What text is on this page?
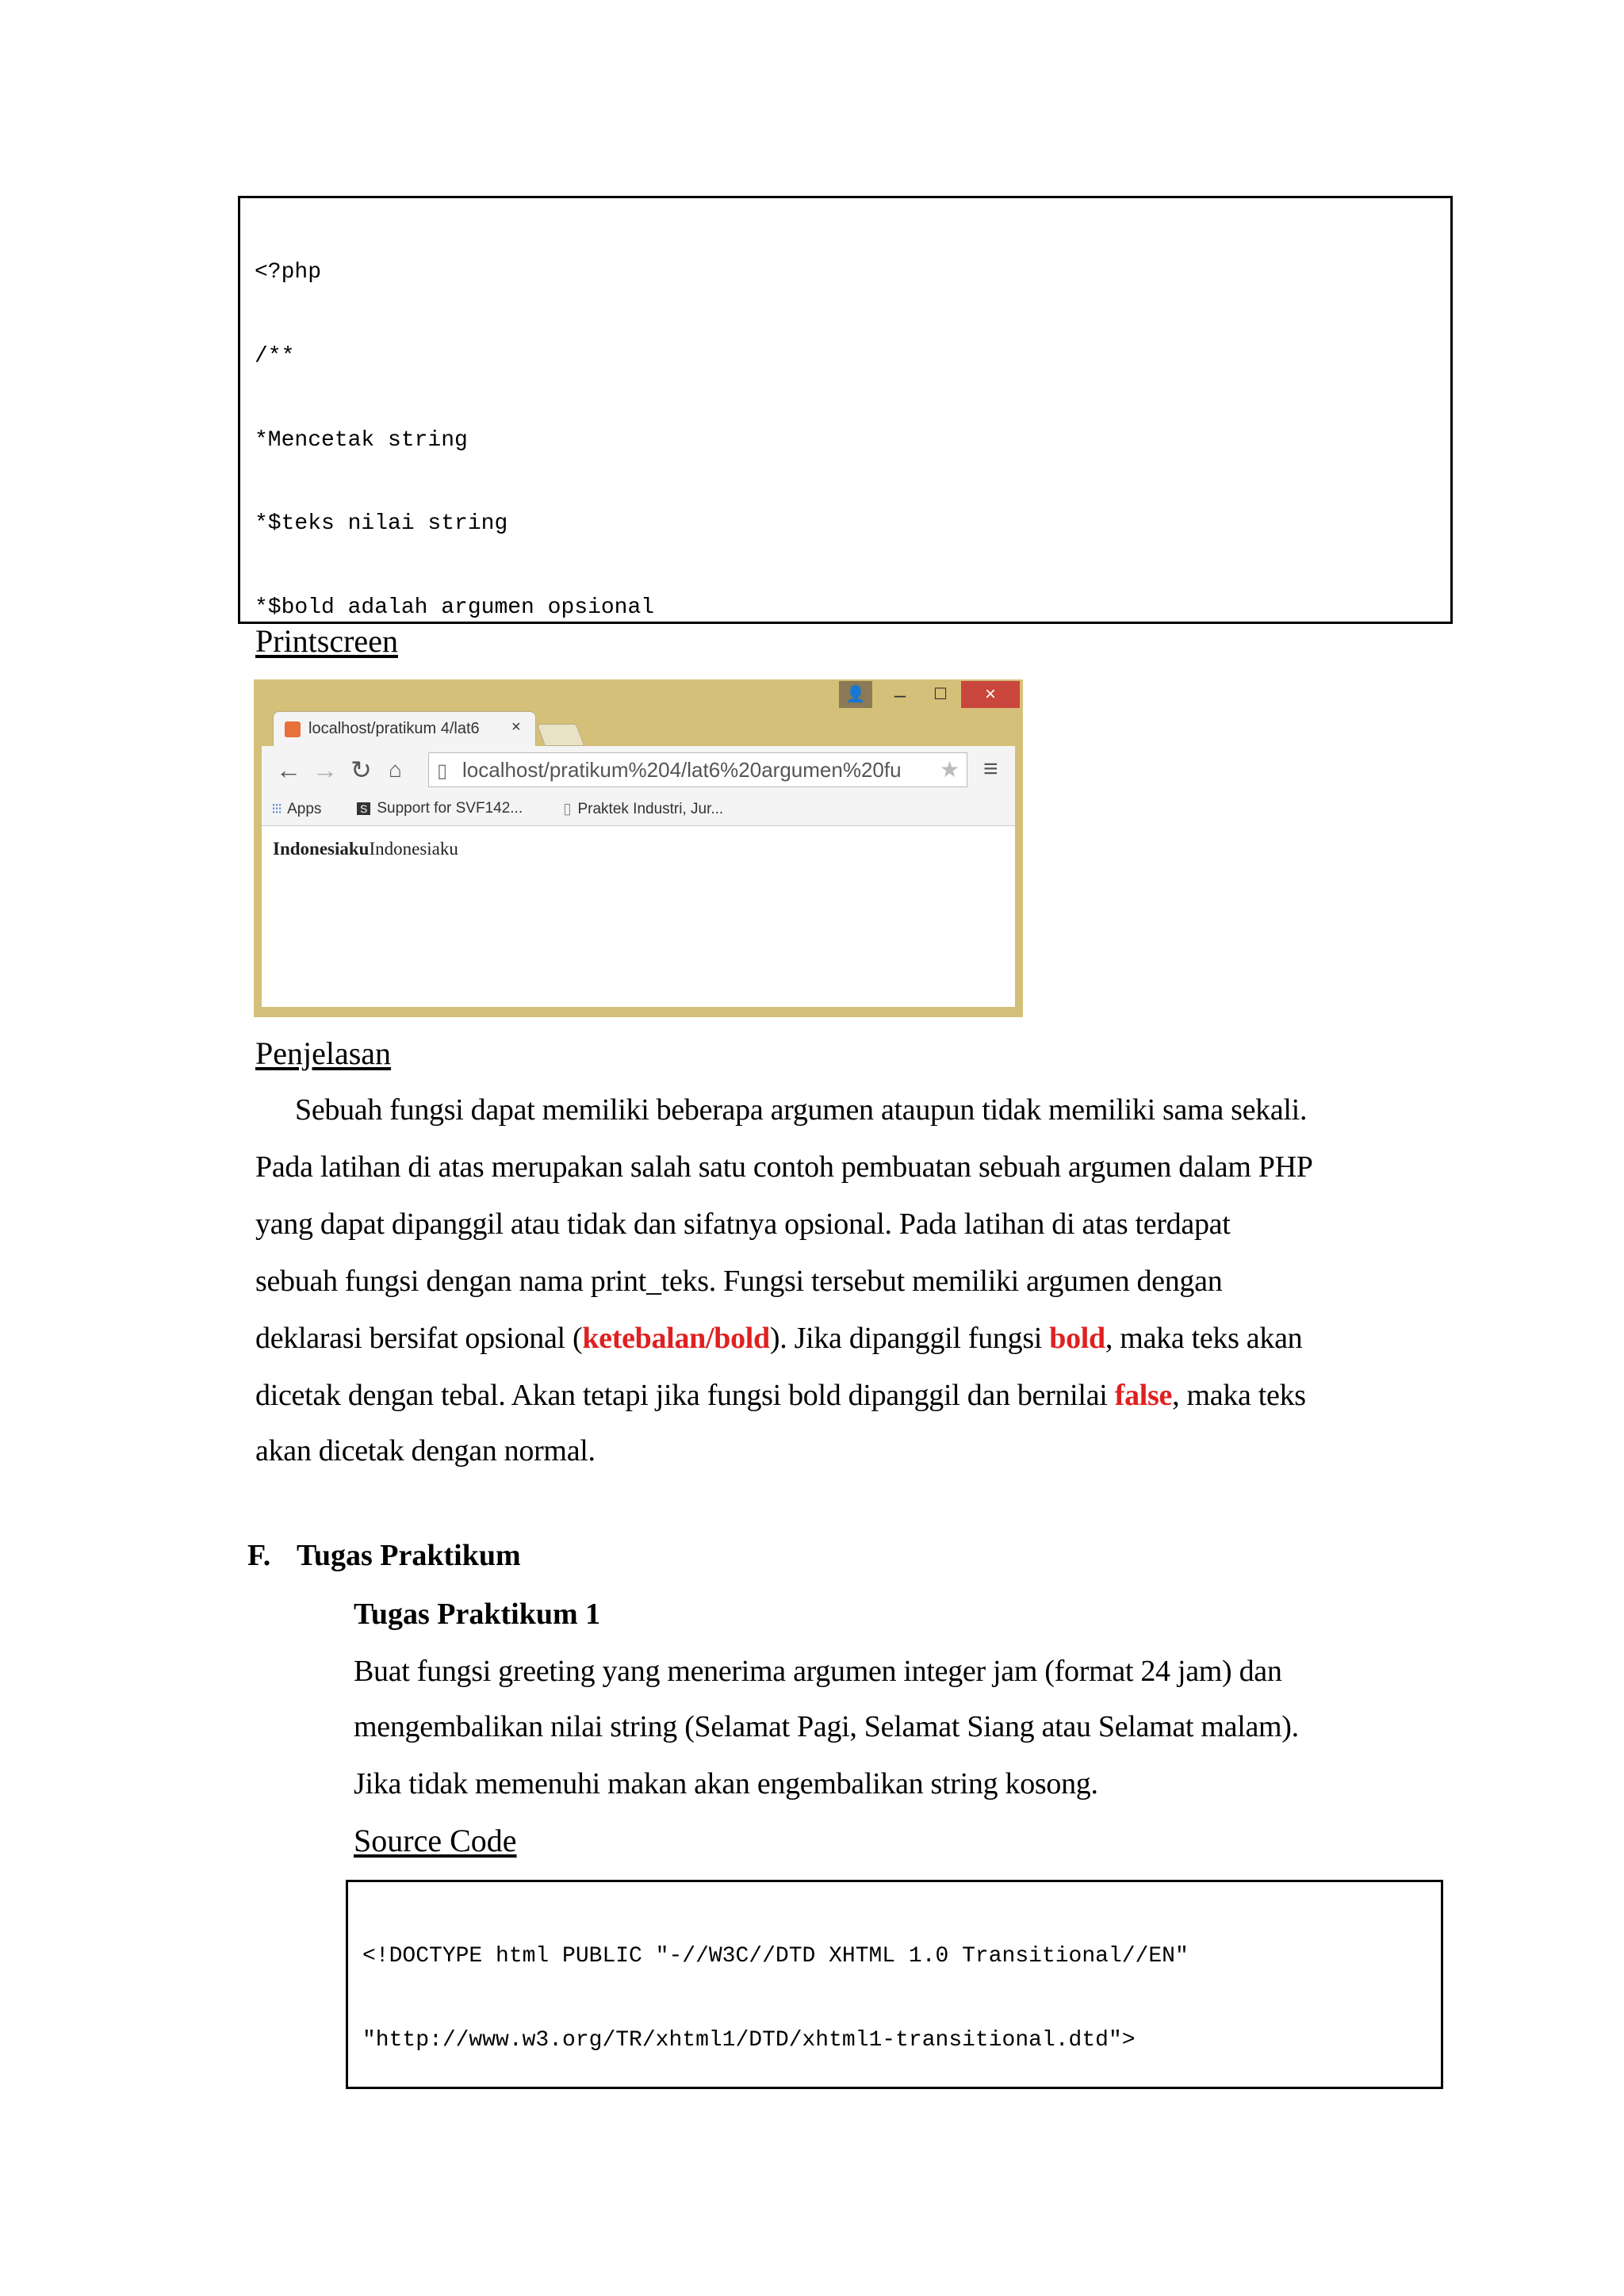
<?php

/**

*Mencetak string

*$teks nilai string

*$bold adalah argumen opsional

Printscreen
👤	–	☐	×
localhost/pratikum 4/lat6 ×
← → ↻ ⌂ ▯ localhost/pratikum%204/lat6%20argumen%20fu ★ ≡
⁝⁝⁝ Apps	S Support for SVF142...	▯ Praktek Industri, Jur...
IndonesiakuIndonesiaku
Penjelasan
Sebuah fungsi dapat memiliki beberapa argumen ataupun tidak memiliki sama sekali.
Pada latihan di atas merupakan salah satu contoh pembuatan sebuah argumen dalam PHP
yang dapat dipanggil atau tidak dan sifatnya opsional. Pada latihan di atas terdapat
sebuah fungsi dengan nama print_teks. Fungsi tersebut memiliki argumen dengan
deklarasi bersifat opsional (ketebalan/bold). Jika dipanggil fungsi bold, maka teks akan
dicetak dengan tebal. Akan tetapi jika fungsi bold dipanggil dan bernilai false, maka teks
akan dicetak dengan normal.
F. Tugas Praktikum
Tugas Praktikum 1
Buat fungsi greeting yang menerima argumen integer jam (format 24 jam) dan
mengembalikan nilai string (Selamat Pagi, Selamat Siang atau Selamat malam).
Jika tidak memenuhi makan akan engembalikan string kosong.
Source Code

<!DOCTYPE html PUBLIC "-//W3C//DTD XHTML 1.0 Transitional//EN"

"http://www.w3.org/TR/xhtml1/DTD/xhtml1-transitional.dtd">
